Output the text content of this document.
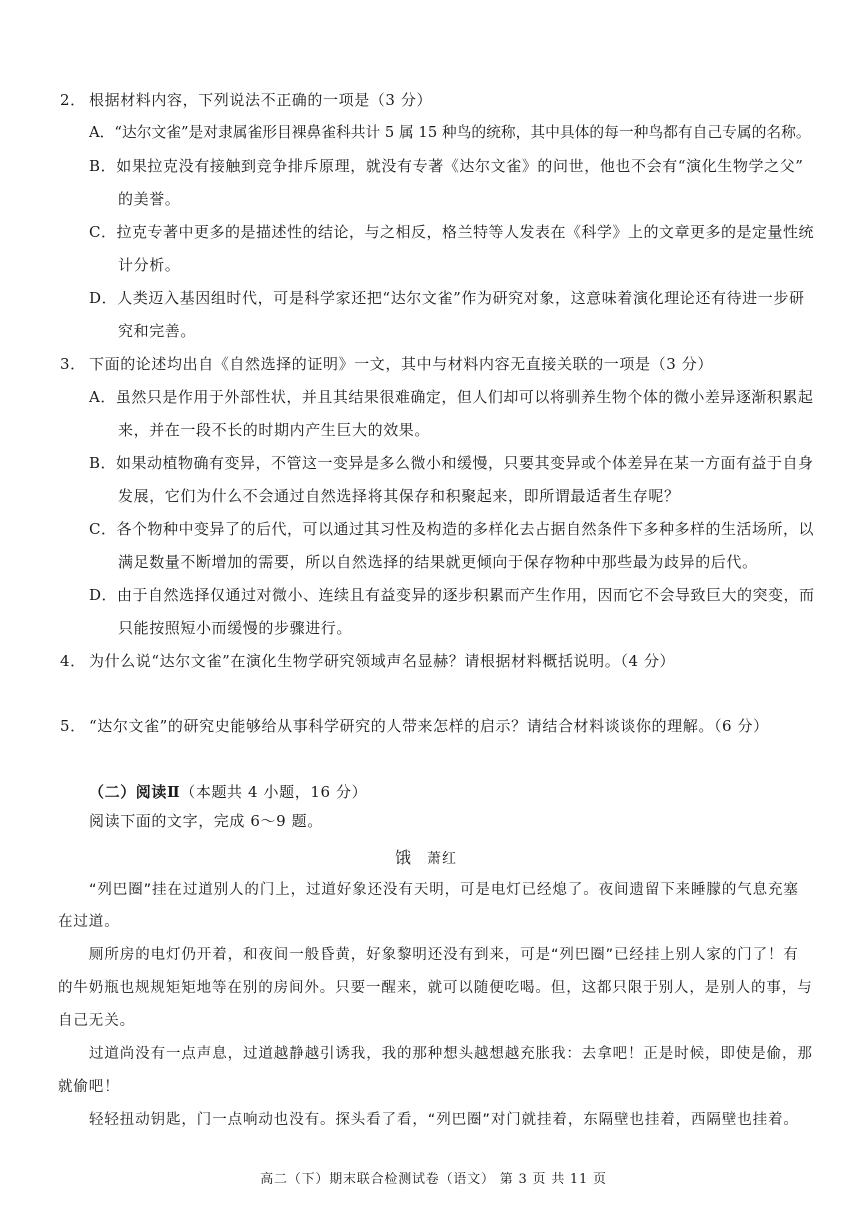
2． 根据材料内容，下列说法不正确的一项是（3 分）
A．“达尔文雀”是对隶属雀形目裸鼻雀科共计 5 属 15 种鸟的统称，其中具体的每一种鸟都有自己专属的名称。
B．如果拉克没有接触到竞争排斥原理，就没有专著《达尔文雀》的问世，他也不会有“演化生物学之父”
的美誉。
C．拉克专著中更多的是描述性的结论，与之相反，格兰特等人发表在《科学》上的文章更多的是定量性统
计分析。
D．人类迈入基因组时代，可是科学家还把“达尔文雀”作为研究对象，这意味着演化理论还有待进一步研
究和完善。
3． 下面的论述均出自《自然选择的证明》一文，其中与材料内容无直接关联的一项是（3 分）
A．虽然只是作用于外部性状，并且其结果很难确定，但人们却可以将驯养生物个体的微小差异逐渐积累起
来，并在一段不长的时期内产生巨大的效果。
B．如果动植物确有变异，不管这一变异是多么微小和缓慢，只要其变异或个体差异在某一方面有益于自身
发展，它们为什么不会通过自然选择将其保存和积聚起来，即所谓最适者生存呢？
C．各个物种中变异了的后代，可以通过其习性及构造的多样化去占据自然条件下多种多样的生活场所，以
满足数量不断增加的需要，所以自然选择的结果就更倾向于保存物种中那些最为歧异的后代。
D．由于自然选择仅通过对微小、连续且有益变异的逐步积累而产生作用，因而它不会导致巨大的突变，而
只能按照短小而缓慢的步骤进行。
4． 为什么说“达尔文雀”在演化生物学研究领域声名显赫？请根据材料概括说明。（4 分）
5． “达尔文雀”的研究史能够给从事科学研究的人带来怎样的启示？请结合材料谈谈你的理解。（6 分）
（二）阅读Ⅱ（本题共 4 小题，16 分）
阅读下面的文字，完成 6～9 题。
饿 萧红
“列巴圈”挂在过道别人的门上，过道好象还没有天明，可是电灯已经熄了。夜间遗留下来睡朦的气息充塞
在过道。
厕所房的电灯仍开着，和夜间一般昏黄，好象黎明还没有到来，可是“列巴圈”已经挂上别人家的门了！有
的牛奶瓶也规规矩矩地等在别的房间外。只要一醒来，就可以随便吃喝。但，这都只限于别人，是别人的事，与
自己无关。
过道尚没有一点声息，过道越静越引诱我，我的那种想头越想越充胀我：去拿吧！正是时候，即使是偷，那
就偷吧！
轻轻扭动钥匙，门一点响动也没有。探头看了看，“列巴圈”对门就挂着，东隔壁也挂着，西隔壁也挂着。
高二（下）期末联合检测试卷（语文） 第 3 页 共 11 页
